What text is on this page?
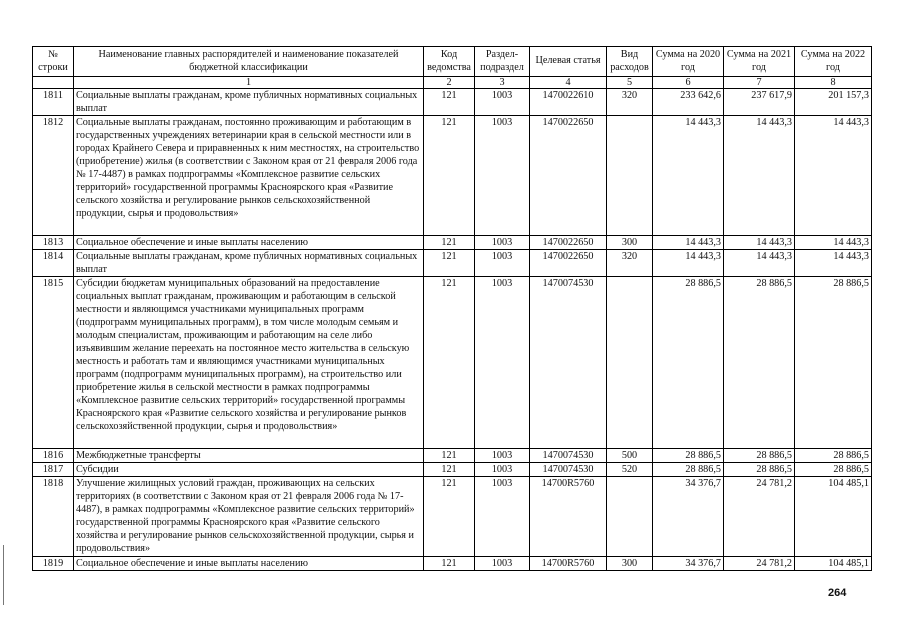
№ строки	Наименование главных распорядителей и наименование показателей бюджетной классификации	Код ведомства	Раздел-подраздел	Целевая статья	Вид расходов	Сумма на 2020 год	Сумма на 2021 год	Сумма на 2022 год
	1	2	3	4	5	6	7	8
1811	Социальные выплаты гражданам, кроме публичных нормативных социальных выплат	121	1003	1470022610	320	233 642,6	237 617,9	201 157,3
1812	Социальные выплаты гражданам, постоянно проживающим и работающим в государственных учреждениях ветеринарии края в сельской местности или в городах Крайнего Севера и приравненных к ним местностях, на строительство (приобретение) жилья (в соответствии с Законом края от 21 февраля 2006 года № 17-4487) в рамках подпрограммы «Комплексное развитие сельских территорий» государственной программы Красноярского края «Развитие сельского хозяйства и регулирование рынков сельскохозяйственной продукции, сырья и продовольствия»	121	1003	1470022650		14 443,3	14 443,3	14 443,3
1813	Социальное обеспечение и иные выплаты населению	121	1003	1470022650	300	14 443,3	14 443,3	14 443,3
1814	Социальные выплаты гражданам, кроме публичных нормативных социальных выплат	121	1003	1470022650	320	14 443,3	14 443,3	14 443,3
1815	Субсидии бюджетам муниципальных образований на предоставление социальных выплат гражданам, проживающим и работающим в сельской местности и являющимся участниками муниципальных программ (подпрограмм муниципальных программ), в том числе молодым семьям и молодым специалистам, проживающим и работающим на селе либо изъявившим желание переехать на постоянное место жительства в сельскую местность и работать там и являющимся участниками муниципальных программ (подпрограмм муниципальных программ), на строительство или приобретение жилья в сельской местности в рамках подпрограммы «Комплексное развитие сельских территорий» государственной программы Красноярского края «Развитие сельского хозяйства и регулирование рынков сельскохозяйственной продукции, сырья и продовольствия»	121	1003	1470074530		28 886,5	28 886,5	28 886,5
1816	Межбюджетные трансферты	121	1003	1470074530	500	28 886,5	28 886,5	28 886,5
1817	Субсидии	121	1003	1470074530	520	28 886,5	28 886,5	28 886,5
1818	Улучшение жилищных условий граждан, проживающих на сельских территориях (в соответствии с Законом края от 21 февраля 2006 года № 17-4487), в рамках подпрограммы «Комплексное развитие сельских территорий» государственной программы Красноярского края «Развитие сельского хозяйства и регулирование рынков сельскохозяйственной продукции, сырья и продовольствия»	121	1003	14700R5760		34 376,7	24 781,2	104 485,1
1819	Социальное обеспечение и иные выплаты населению	121	1003	14700R5760	300	34 376,7	24 781,2	104 485,1
264
